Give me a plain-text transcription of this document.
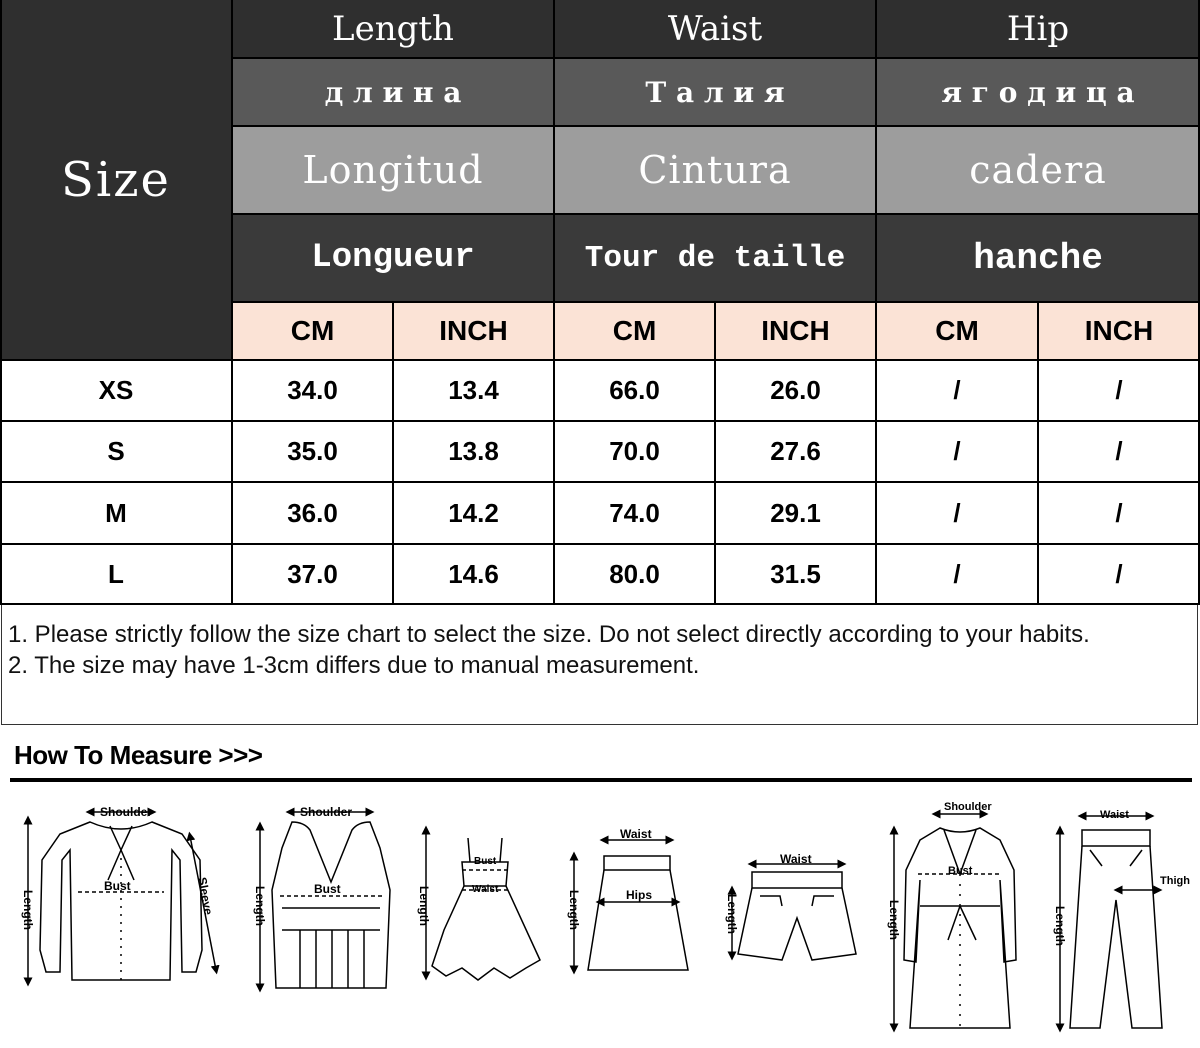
Size
Length	Waist	Hip
д л и н а	Т а л и я	я г о д и ц а
Longitud	Cintura	cadera
Longueur	Tour de taille	hanche
CM	INCH	CM	INCH	CM	INCH
XS	34.0	13.4	66.0	26.0	/	/
S	35.0	13.8	70.0	27.6	/	/
M	36.0	14.2	74.0	29.1	/	/
L	37.0	14.6	80.0	31.5	/	/

1. Please strictly follow the size chart to select the size. Do not select directly according to your habits.

2. The size may have 1-3cm differs due to manual measurement.

How To Measure >>>
Shoulder
Bust	Sleeve
Length
Shoulder
Bust
Length
Bust
Waist
Length
Waist
Hips
Length
Waist
Length
Shoulder
Bust
Length
Waist
Thigh
Length
